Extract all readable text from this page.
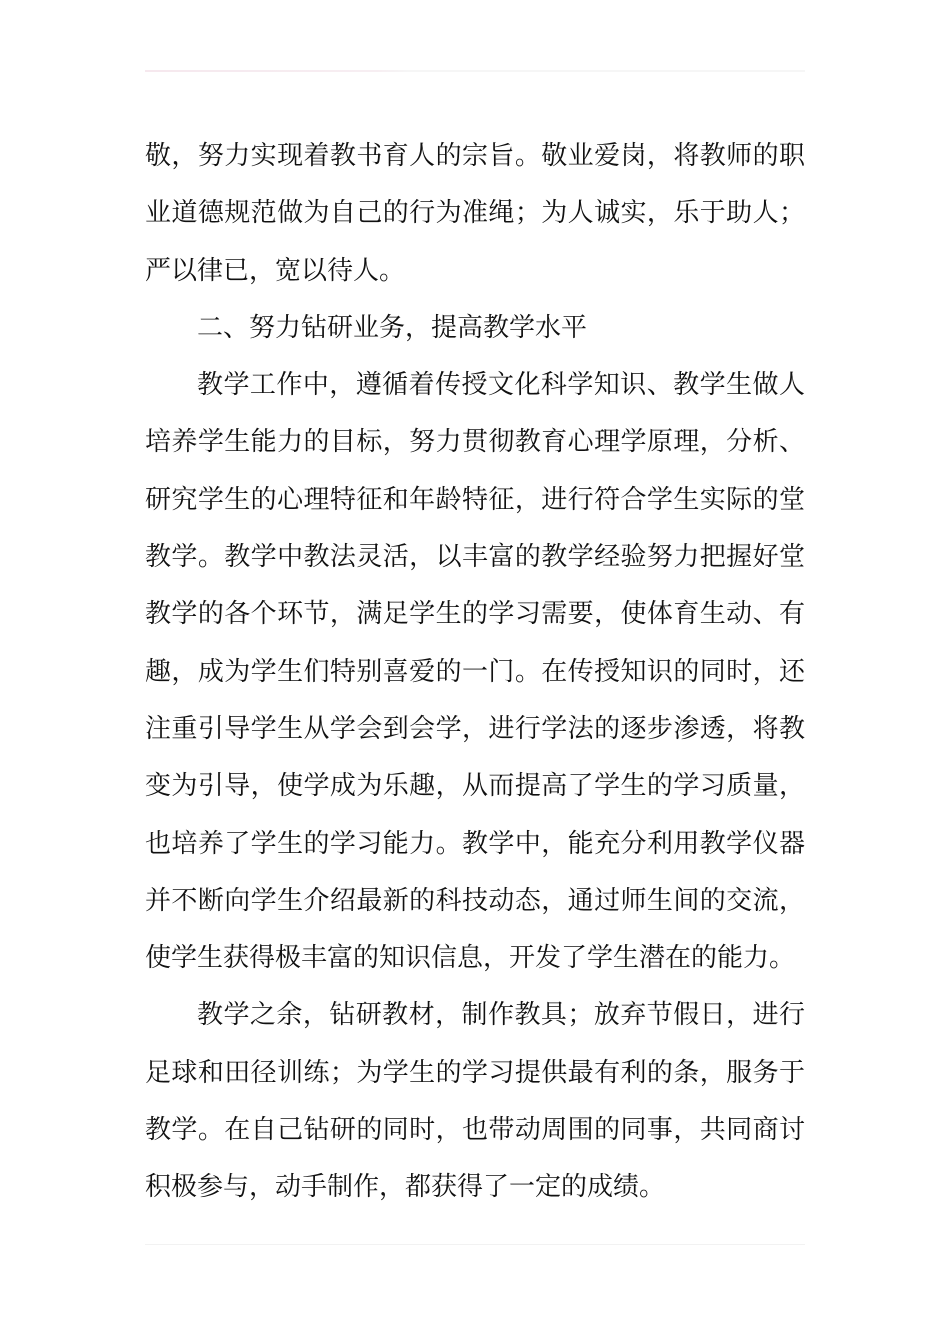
敬，努力实现着教书育人的宗旨。敬业爱岗，将教师的职
业道德规范做为自己的行为准绳；为人诚实，乐于助人；
严以律已，宽以待人。
二、努力钻研业务，提高教学水平
教学工作中，遵循着传授文化科学知识、教学生做人
培养学生能力的目标，努力贯彻教育心理学原理，分析、
研究学生的心理特征和年龄特征，进行符合学生实际的堂
教学。教学中教法灵活，以丰富的教学经验努力把握好堂
教学的各个环节，满足学生的学习需要，使体育生动、有
趣，成为学生们特别喜爱的一门。在传授知识的同时，还
注重引导学生从学会到会学，进行学法的逐步渗透，将教
变为引导，使学成为乐趣，从而提高了学生的学习质量，
也培养了学生的学习能力。教学中，能充分利用教学仪器
并不断向学生介绍最新的科技动态，通过师生间的交流，
使学生获得极丰富的知识信息，开发了学生潜在的能力。
教学之余，钻研教材，制作教具；放弃节假日，进行
足球和田径训练；为学生的学习提供最有利的条，服务于
教学。在自己钻研的同时，也带动周围的同事，共同商讨
积极参与，动手制作，都获得了一定的成绩。
